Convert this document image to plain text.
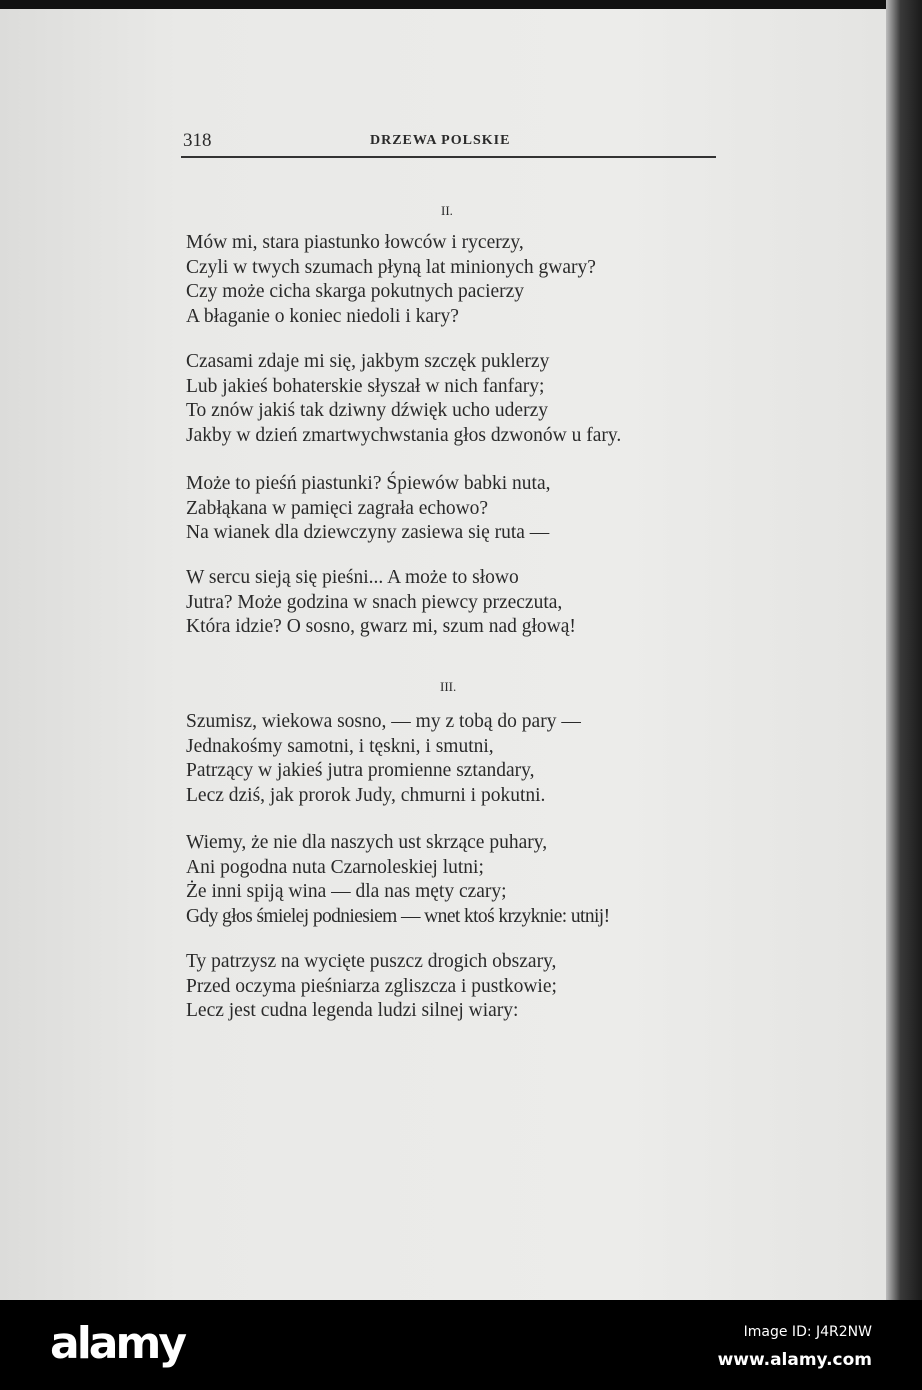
318	DRZEWA POLSKIE
II.
Mów mi, stara piastunko łowców i rycerzy,
Czyli w twych szumach płyną lat minionych gwary?
Czy może cicha skarga pokutnych pacierzy
A błaganie o koniec niedoli i kary?
Czasami zdaje mi się, jakbym szczęk puklerzy
Lub jakieś bohaterskie słyszał w nich fanfary;
To znów jakiś tak dziwny dźwięk ucho uderzy
Jakby w dzień zmartwychwstania głos dzwonów u fary.
Może to pieśń piastunki? Śpiewów babki nuta,
Zabłąkana w pamięci zagrała echowo?
Na wianek dla dziewczyny zasiewa się ruta —
W sercu sieją się pieśni... A może to słowo
Jutra? Może godzina w snach piewcy przeczuta,
Która idzie? O sosno, gwarz mi, szum nad głową!
III.
Szumisz, wiekowa sosno, — my z tobą do pary —
Jednakośmy samotni, i tęskni, i smutni,
Patrzący w jakieś jutra promienne sztandary,
Lecz dziś, jak prorok Judy, chmurni i pokutni.
Wiemy, że nie dla naszych ust skrzące puhary,
Ani pogodna nuta Czarnoleskiej lutni;
Że inni spiją wina — dla nas męty czary;
Gdy głos śmielej podniesiem — wnet ktoś krzyknie: utnij!
Ty patrzysz na wycięte puszcz drogich obszary,
Przed oczyma pieśniarza zgliszcza i pustkowie;
Lecz jest cudna legenda ludzi silnej wiary:
alamy	Image ID: J4R2NW
www.alamy.com
